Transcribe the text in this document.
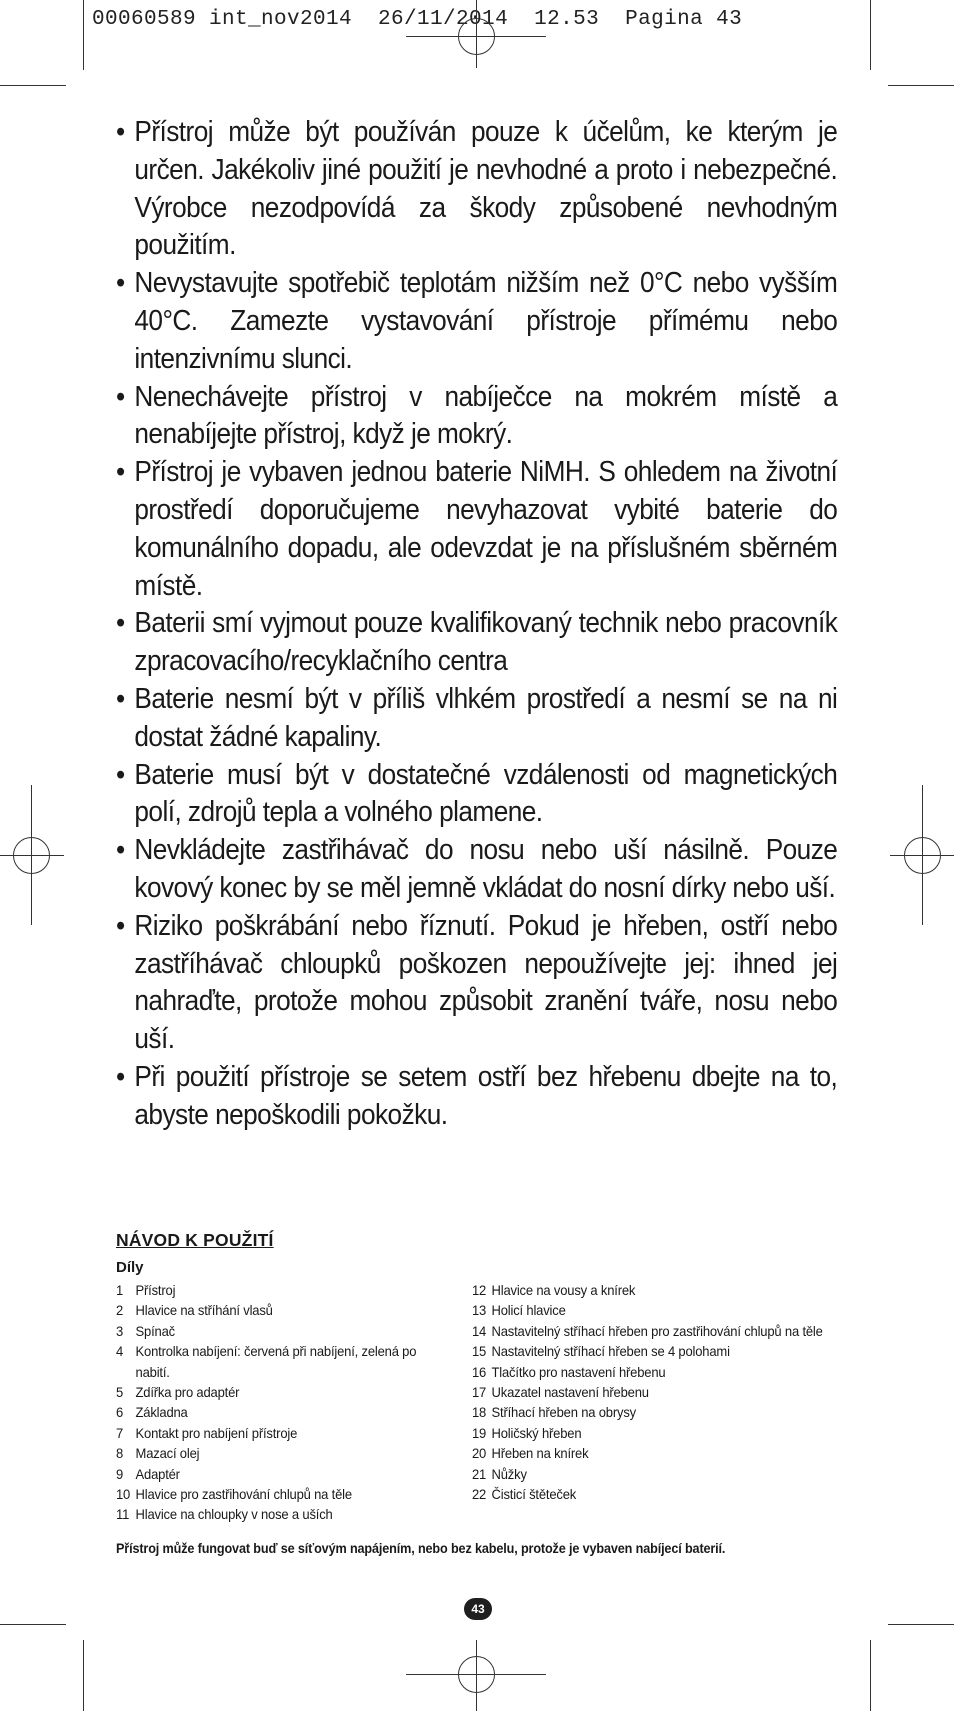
00060589 int_nov2014  26/11/2014  12.53  Pagina 43
• Přístroj může být používán pouze k účelům, ke kterým je určen. Jakékoliv jiné použití je nevhodné a proto i nebezpečné. Výrobce nezodpovídá za škody způsobené nevhodným použitím.
• Nevystavujte spotřebič teplotám nižším než 0°C nebo vyšším 40°C. Zamezte vystavování přístroje přímému nebo intenzivnímu slunci.
• Nenechávejte přístroj v nabíječce na mokrém místě a nenabíjejte přístroj, když je mokrý.
• Přístroj je vybaven jednou baterie NiMH. S ohledem na životní prostředí doporučujeme nevyhazovat vybité baterie do komunálního dopadu, ale odevzdat je na příslušném sběrném místě.
• Baterii smí vyjmout pouze kvalifikovaný technik nebo pracovník zpracovacího/recyklačního centra
• Baterie nesmí být v příliš vlhkém prostředí a nesmí se na ni dostat žádné kapaliny.
• Baterie musí být v dostatečné vzdálenosti od magnetických polí, zdrojů tepla a volného plamene.
• Nevkládejte zastřihávač do nosu nebo uší násilně. Pouze kovový konec by se měl jemně vkládat do nosní dírky nebo uší.
• Riziko poškrábání nebo říznutí. Pokud je hřeben, ostří nebo zastříhávač chloupků poškozen nepoužívejte jej: ihned jej nahraďte, protože mohou způsobit zranění tváře, nosu nebo uší.
• Při použití přístroje se setem ostří bez hřebenu dbejte na to, abyste nepoškodili pokožku.
NÁVOD K POUŽITÍ
Díly
1 Přístroj
2 Hlavice na stříhání vlasů
3 Spínač
4 Kontrolka nabíjení: červená při nabíjení, zelená po nabití.
5 Zdířka pro adaptér
6 Základna
7 Kontakt pro nabíjení přístroje
8 Mazací olej
9 Adaptér
10 Hlavice pro zastřihování chlupů na těle
11 Hlavice na chloupky v nose a uších
12 Hlavice na vousy a knírek
13 Holicí hlavice
14 Nastavitelný stříhací hřeben pro zastřihování chlupů na těle
15 Nastavitelný stříhací hřeben se 4 polohami
16 Tlačítko pro nastavení hřebenu
17 Ukazatel nastavení hřebenu
18 Stříhací hřeben na obrysy
19 Holičský hřeben
20 Hřeben na knírek
21 Nůžky
22 Čisticí štěteček
Přístroj může fungovat buď se síťovým napájením, nebo bez kabelu, protože je vybaven nabíjecí baterií.
43
